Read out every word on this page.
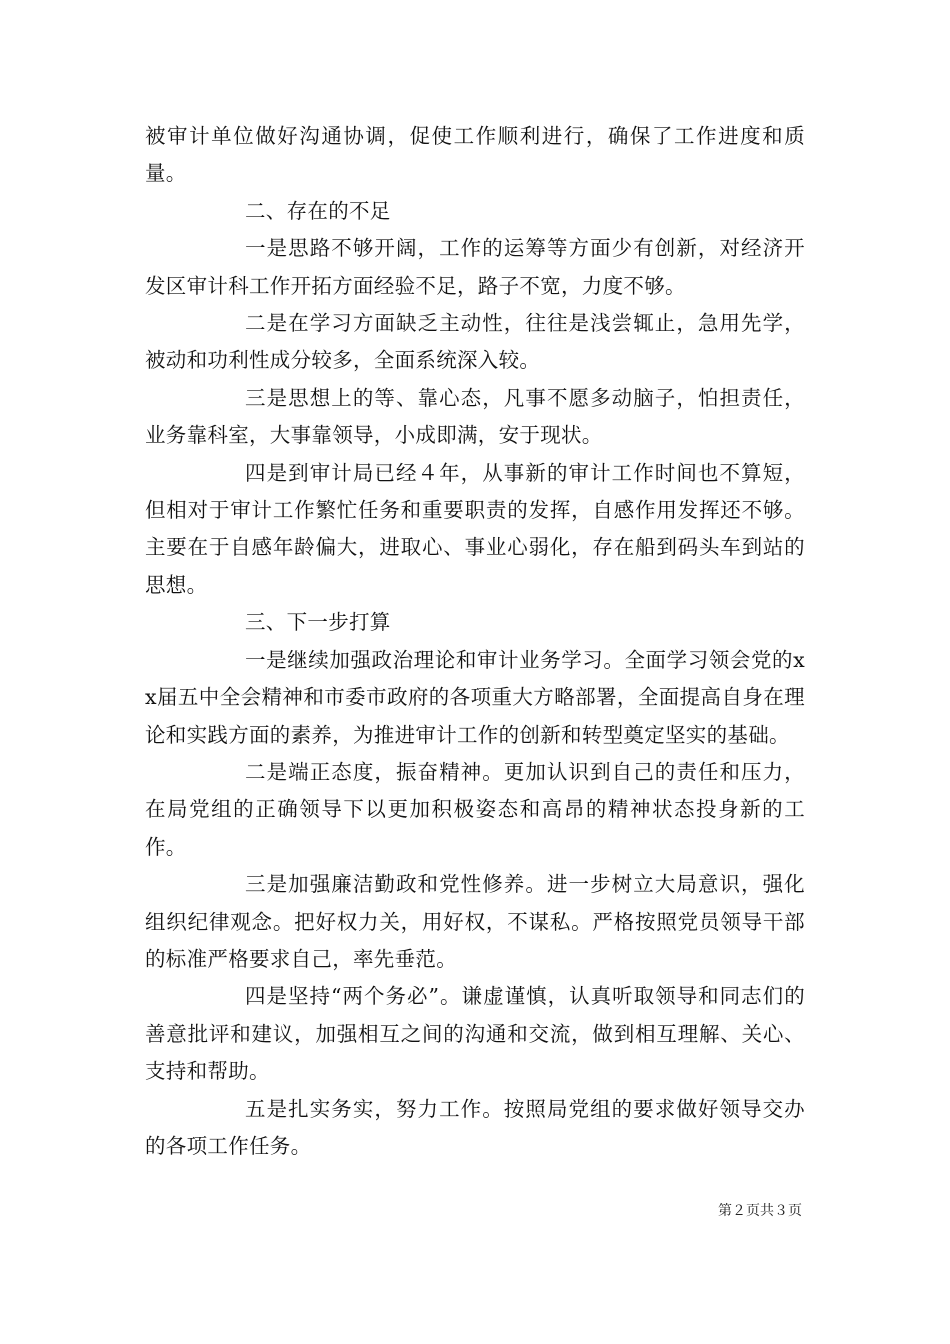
被审计单位做好沟通协调，促使工作顺利进行，确保了工作进度和质量。

二、存在的不足

一是思路不够开阔，工作的运筹等方面少有创新，对经济开发区审计科工作开拓方面经验不足，路子不宽，力度不够。

二是在学习方面缺乏主动性，往往是浅尝辄止，急用先学，被动和功利性成分较多，全面系统深入较。

三是思想上的等、靠心态，凡事不愿多动脑子，怕担责任，业务靠科室，大事靠领导，小成即满，安于现状。

四是到审计局已经４年，从事新的审计工作时间也不算短，但相对于审计工作繁忙任务和重要职责的发挥，自感作用发挥还不够。主要在于自感年龄偏大，进取心、事业心弱化，存在船到码头车到站的思想。

三、下一步打算

一是继续加强政治理论和审计业务学习。全面学习领会党的xx届五中全会精神和市委市政府的各项重大方略部署，全面提高自身在理论和实践方面的素养，为推进审计工作的创新和转型奠定坚实的基础。

二是端正态度，振奋精神。更加认识到自己的责任和压力，在局党组的正确领导下以更加积极姿态和高昂的精神状态投身新的工作。

三是加强廉洁勤政和党性修养。进一步树立大局意识，强化组织纪律观念。把好权力关，用好权，不谋私。严格按照党员领导干部的标准严格要求自己，率先垂范。

四是坚持“两个务必”。谦虚谨慎，认真听取领导和同志们的善意批评和建议，加强相互之间的沟通和交流，做到相互理解、关心、支持和帮助。

五是扎实务实，努力工作。按照局党组的要求做好领导交办的各项工作任务。

第２页共３页
